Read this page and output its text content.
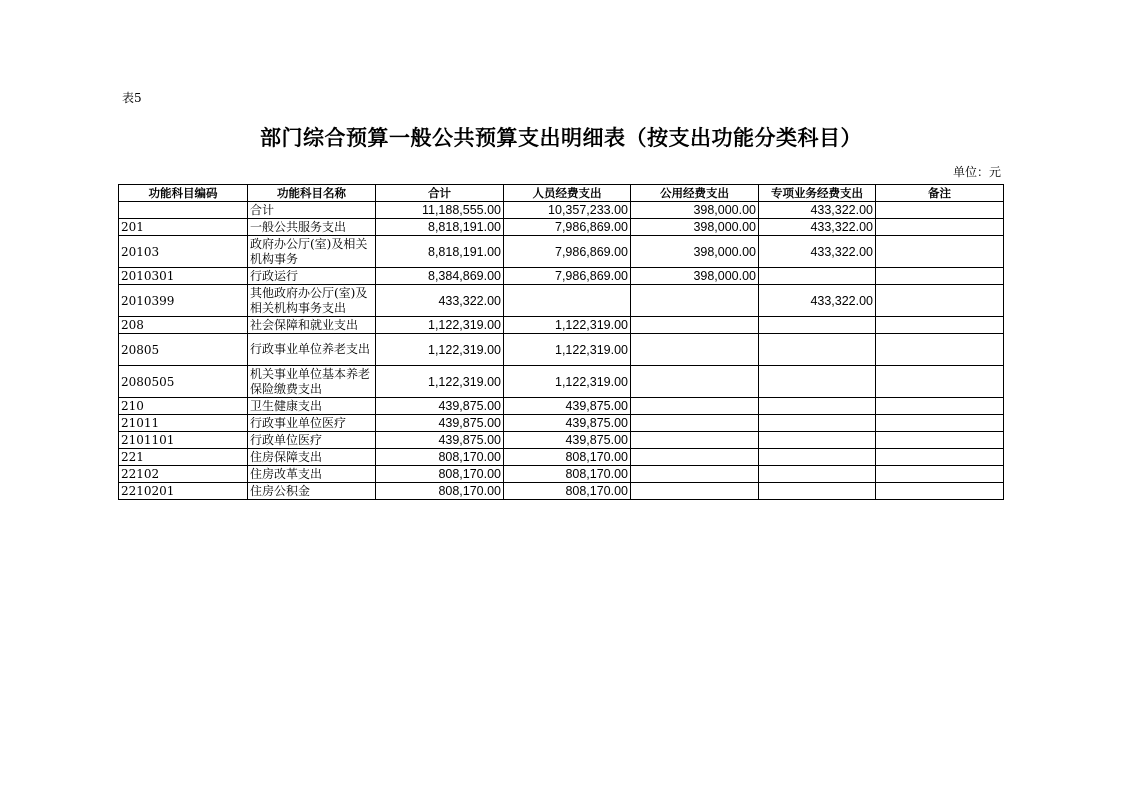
表5
部门综合预算一般公共预算支出明细表（按支出功能分类科目）
单位：元
功能科目编码	功能科目名称	合计	人员经费支出	公用经费支出	专项业务经费支出	备注
	合计	11,188,555.00	10,357,233.00	398,000.00	433,322.00	
201	一般公共服务支出	8,818,191.00	7,986,869.00	398,000.00	433,322.00	
20103	政府办公厅(室)及相关机构事务	8,818,191.00	7,986,869.00	398,000.00	433,322.00	
2010301	行政运行	8,384,869.00	7,986,869.00	398,000.00		
2010399	其他政府办公厅(室)及相关机构事务支出	433,322.00			433,322.00	
208	社会保障和就业支出	1,122,319.00	1,122,319.00			
20805	行政事业单位养老支出	1,122,319.00	1,122,319.00			
2080505	机关事业单位基本养老保险缴费支出	1,122,319.00	1,122,319.00			
210	卫生健康支出	439,875.00	439,875.00			
21011	行政事业单位医疗	439,875.00	439,875.00			
2101101	行政单位医疗	439,875.00	439,875.00			
221	住房保障支出	808,170.00	808,170.00			
22102	住房改革支出	808,170.00	808,170.00			
2210201	住房公积金	808,170.00	808,170.00			
